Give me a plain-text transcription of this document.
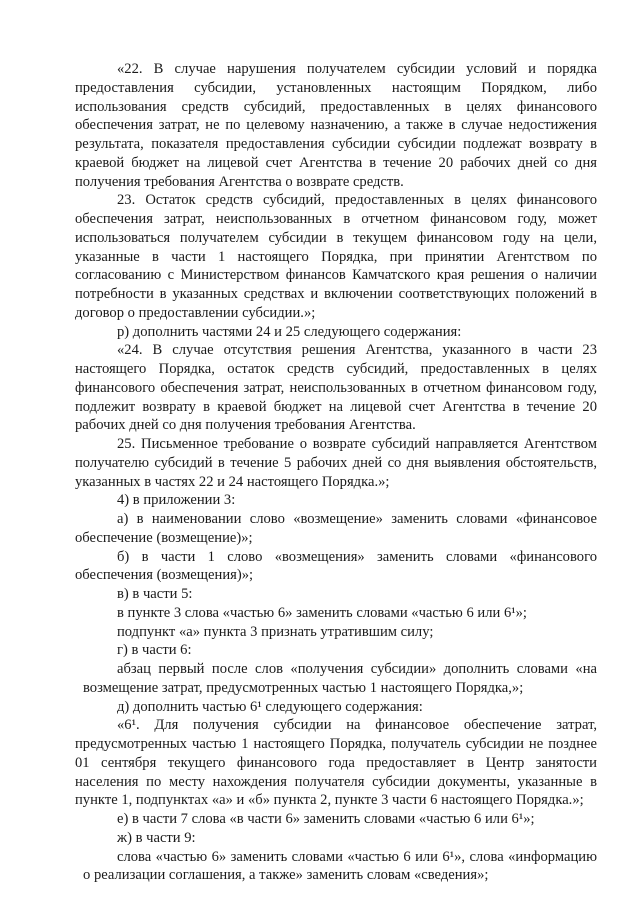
«22. В случае нарушения получателем субсидии условий и порядка предоставления субсидии, установленных настоящим Порядком, либо использования средств субсидий, предоставленных в целях финансового обеспечения затрат, не по целевому назначению, а также в случае недостижения результата, показателя предоставления субсидии субсидии подлежат возврату в краевой бюджет на лицевой счет Агентства в течение 20 рабочих дней со дня получения требования Агентства о возврате средств.

23. Остаток средств субсидий, предоставленных в целях финансового обеспечения затрат, неиспользованных в отчетном финансовом году, может использоваться получателем субсидии в текущем финансовом году на цели, указанные в части 1 настоящего Порядка, при принятии Агентством по согласованию с Министерством финансов Камчатского края решения о наличии потребности в указанных средствах и включении соответствующих положений в договор о предоставлении субсидии.»;

р) дополнить частями 24 и 25 следующего содержания:

«24. В случае отсутствия решения Агентства, указанного в части 23 настоящего Порядка, остаток средств субсидий, предоставленных в целях финансового обеспечения затрат, неиспользованных в отчетном финансовом году, подлежит возврату в краевой бюджет на лицевой счет Агентства в течение 20 рабочих дней со дня получения требования Агентства.

25. Письменное требование о возврате субсидий направляется Агентством получателю субсидий в течение 5 рабочих дней со дня выявления обстоятельств, указанных в частях 22 и 24 настоящего Порядка.»;

4) в приложении 3:

а) в наименовании слово «возмещение» заменить словами «финансовое обеспечение (возмещение)»;

б) в части 1 слово «возмещения» заменить словами «финансового обеспечения (возмещения)»;

в) в части 5:

в пункте 3 слова «частью 6» заменить словами «частью 6 или 6¹»;

подпункт «а» пункта 3 признать утратившим силу;

г) в части 6:

абзац первый после слов «получения субсидии» дополнить словами «на возмещение затрат, предусмотренных частью 1 настоящего Порядка,»;

д) дополнить частью 6¹ следующего содержания:

«6¹. Для получения субсидии на финансовое обеспечение затрат, предусмотренных частью 1 настоящего Порядка, получатель субсидии не позднее 01 сентября текущего финансового года предоставляет в Центр занятости населения по месту нахождения получателя субсидии документы, указанные в пункте 1, подпунктах «а» и «б» пункта 2, пункте 3 части 6 настоящего Порядка.»;

е) в части 7 слова «в части 6» заменить словами «частью 6 или 6¹»;

ж) в части 9:

слова «частью 6» заменить словами «частью 6 или 6¹», слова «информацию о реализации соглашения, а также» заменить словам «сведения»;
